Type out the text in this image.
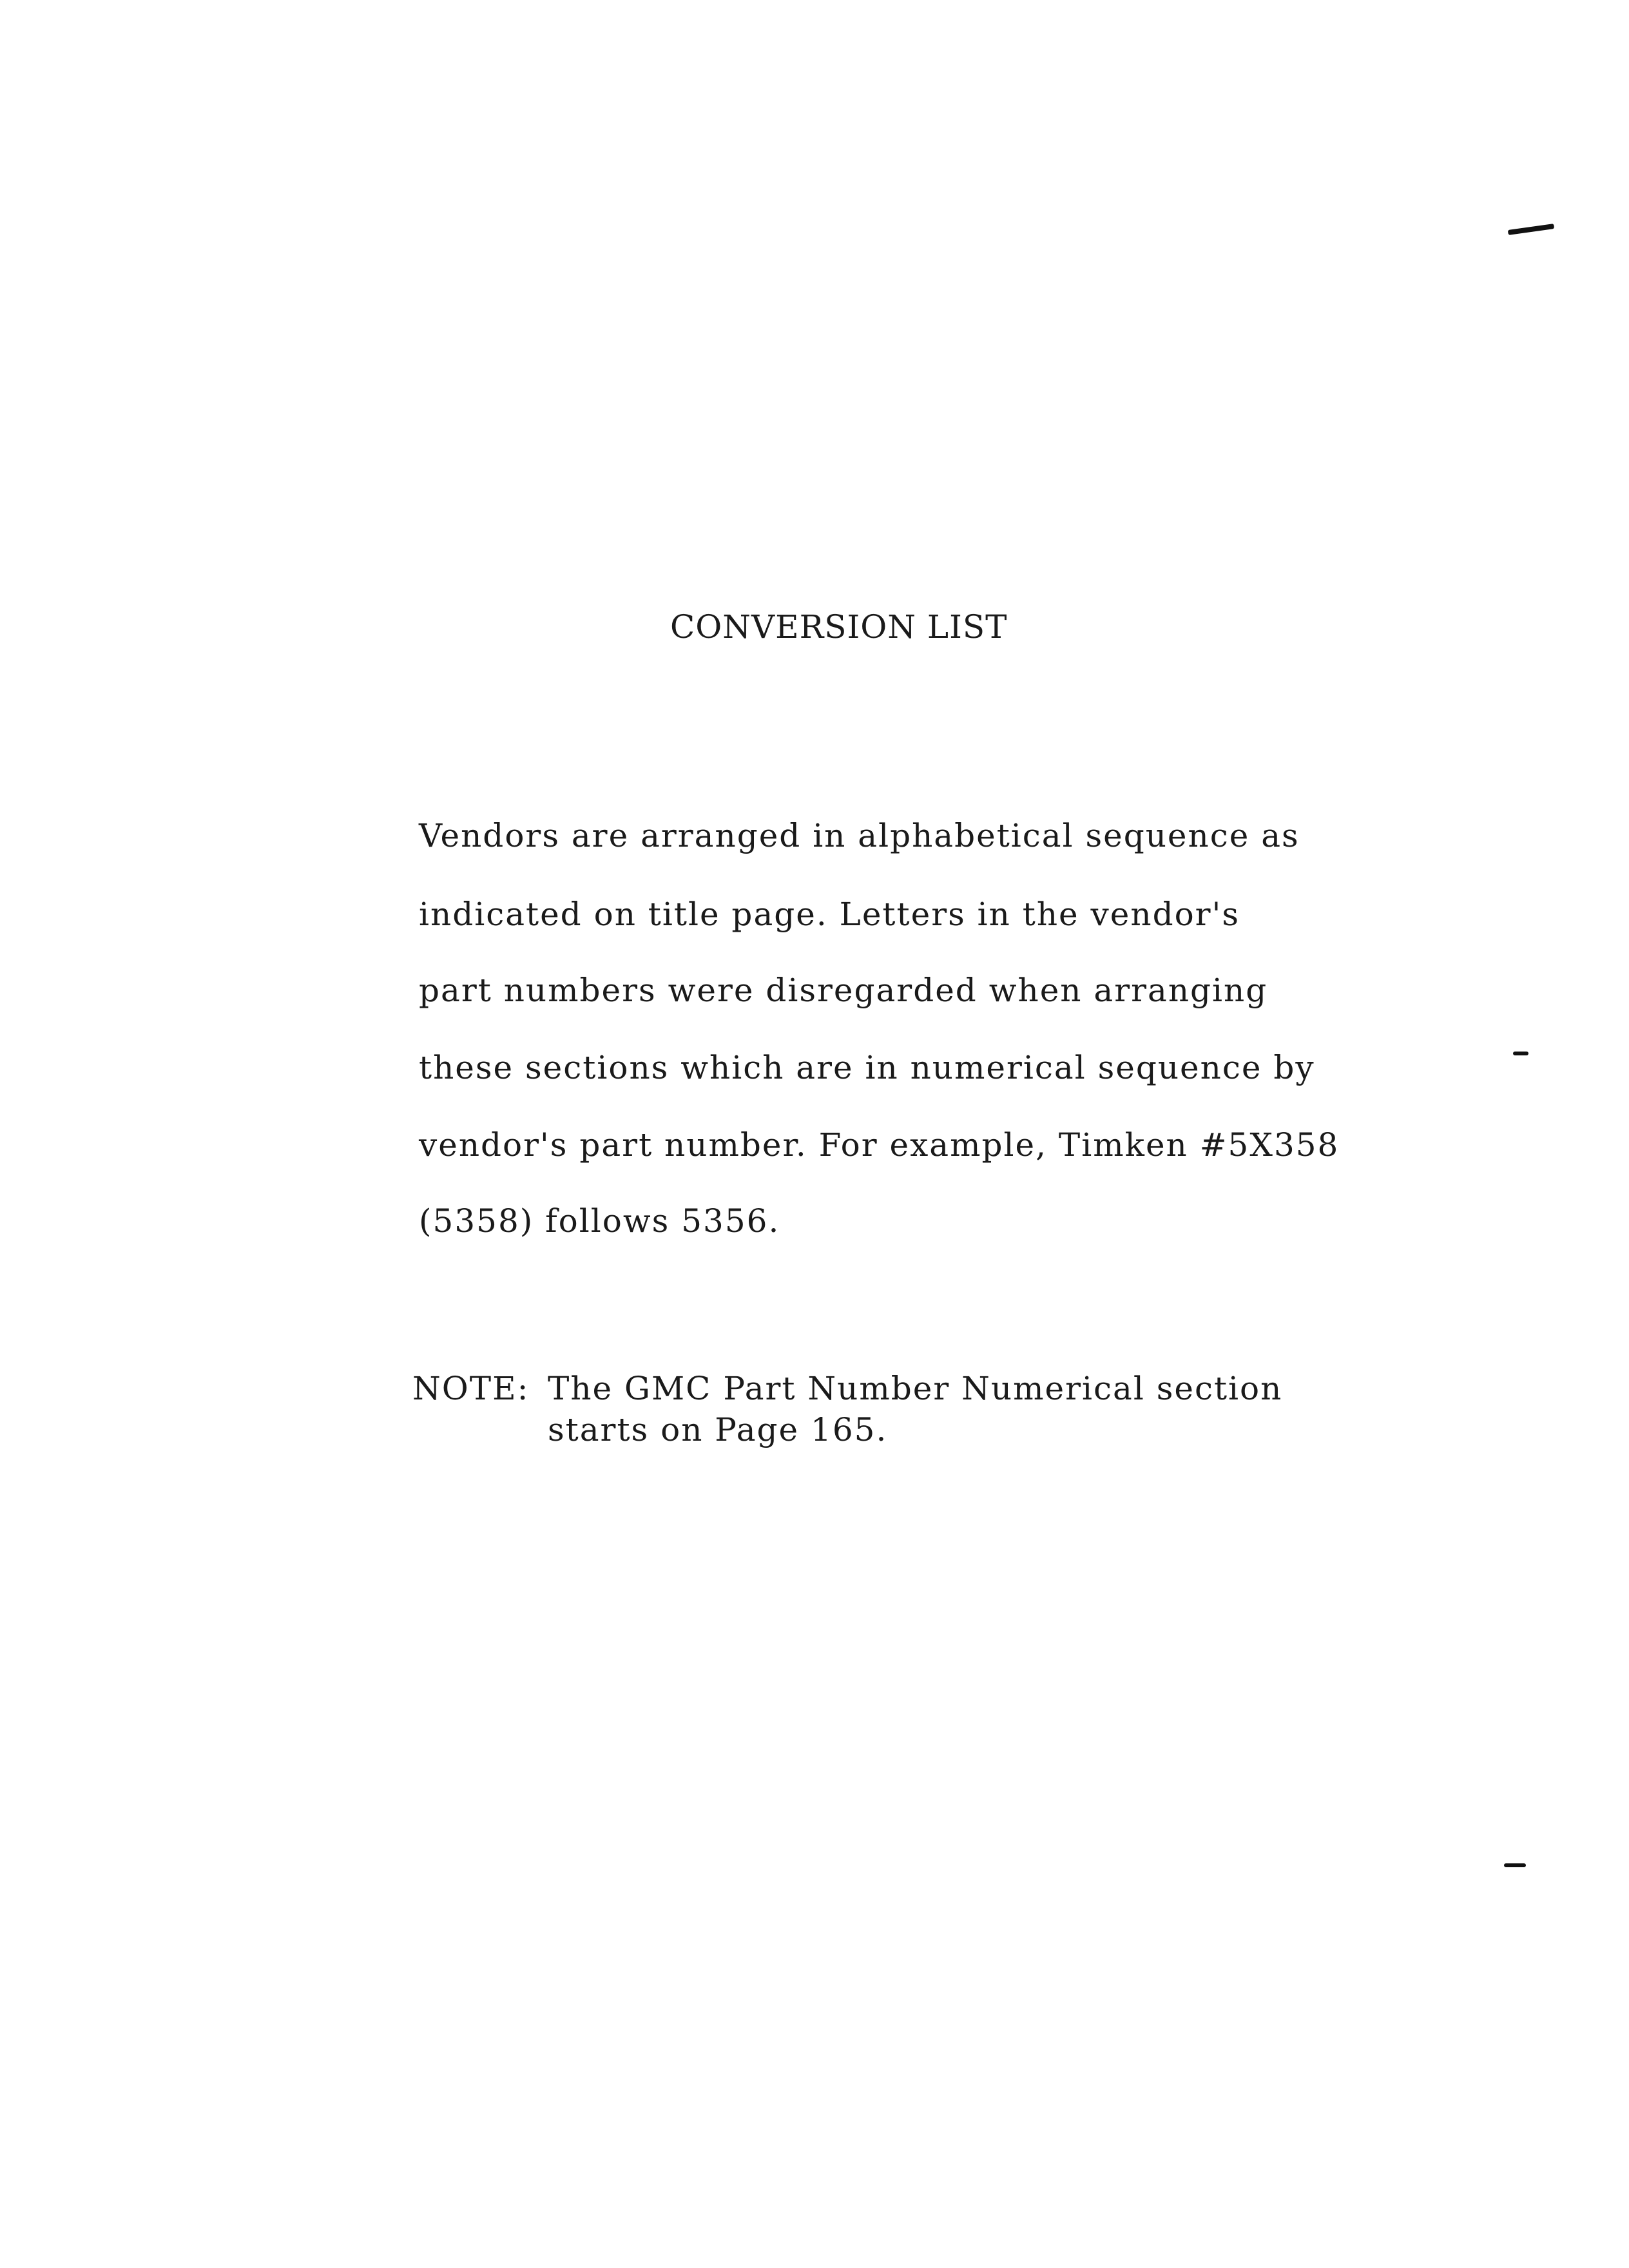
CONVERSION LIST
Vendors are arranged in alphabetical sequence as
indicated on title page. Letters in the vendor's
part numbers were disregarded when arranging
these sections which are in numerical sequence by
vendor's part number. For example, Timken #5X358
(5358) follows 5356.
NOTE: The GMC Part Number Numerical section
starts on Page 165.
